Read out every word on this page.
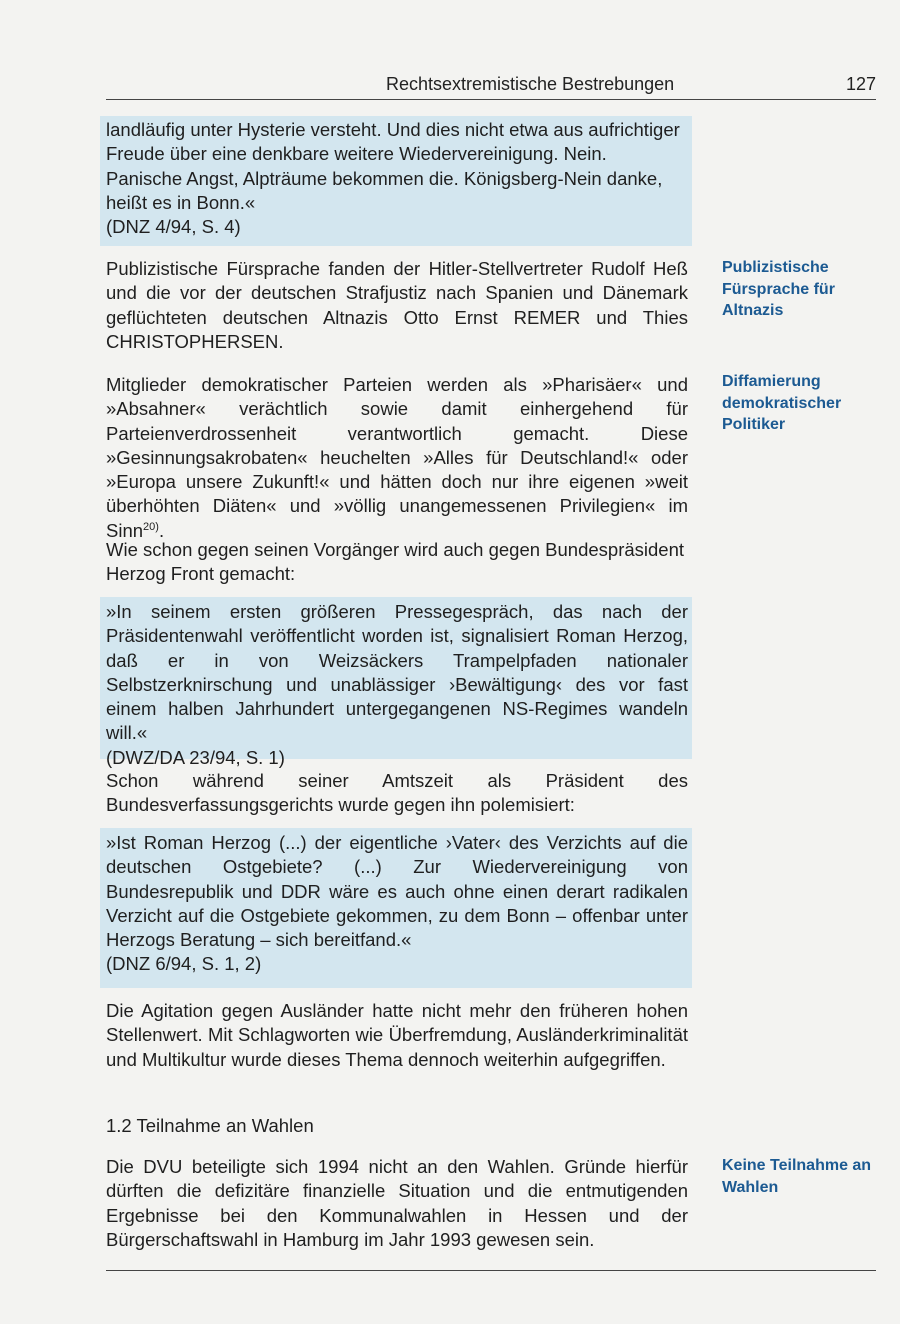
Rechtsextremistische Bestrebungen	127
landläufig unter Hysterie versteht. Und dies nicht etwa aus aufrichtiger Freude über eine denkbare weitere Wiedervereinigung. Nein. Panische Angst, Alpträume bekommen die. Königsberg-Nein danke, heißt es in Bonn.«
(DNZ 4/94, S. 4)
Publizistische Fürsprache fanden der Hitler-Stellvertreter Rudolf Heß und die vor der deutschen Strafjustiz nach Spanien und Dänemark geflüchteten deutschen Altnazis Otto Ernst REMER und Thies CHRISTOPHERSEN.
Publizistische Fürsprache für Altnazis
Mitglieder demokratischer Parteien werden als »Pharisäer« und »Absahner« verächtlich sowie damit einhergehend für Parteienverdrossenheit verantwortlich gemacht. Diese »Gesinnungsakrobaten« heuchelten »Alles für Deutschland!« oder »Europa unsere Zukunft!« und hätten doch nur ihre eigenen »weit überhöhten Diäten« und »völlig unangemessenen Privilegien« im Sinn$^{20)}$.
Diffamierung demokratischer Politiker
Wie schon gegen seinen Vorgänger wird auch gegen Bundespräsident Herzog Front gemacht:
»In seinem ersten größeren Pressegespräch, das nach der Präsidentenwahl veröffentlicht worden ist, signalisiert Roman Herzog, daß er in von Weizsäckers Trampelpfaden nationaler Selbstzerknirschung und unablässiger ›Bewältigung‹ des vor fast einem halben Jahrhundert untergegangenen NS-Regimes wandeln will.«
(DWZ/DA 23/94, S. 1)
Schon während seiner Amtszeit als Präsident des Bundesverfassungsgerichts wurde gegen ihn polemisiert:
»Ist Roman Herzog (...) der eigentliche ›Vater‹ des Verzichts auf die deutschen Ostgebiete? (...) Zur Wiedervereinigung von Bundesrepublik und DDR wäre es auch ohne einen derart radikalen Verzicht auf die Ostgebiete gekommen, zu dem Bonn – offenbar unter Herzogs Beratung – sich bereitfand.«
(DNZ 6/94, S. 1, 2)
Die Agitation gegen Ausländer hatte nicht mehr den früheren hohen Stellenwert. Mit Schlagworten wie Überfremdung, Ausländerkriminalität und Multikultur wurde dieses Thema dennoch weiterhin aufgegriffen.
1.2 Teilnahme an Wahlen
Die DVU beteiligte sich 1994 nicht an den Wahlen. Gründe hierfür dürften die defizitäre finanzielle Situation und die entmutigenden Ergebnisse bei den Kommunalwahlen in Hessen und der Bürgerschaftswahl in Hamburg im Jahr 1993 gewesen sein.
Keine Teilnahme an Wahlen
